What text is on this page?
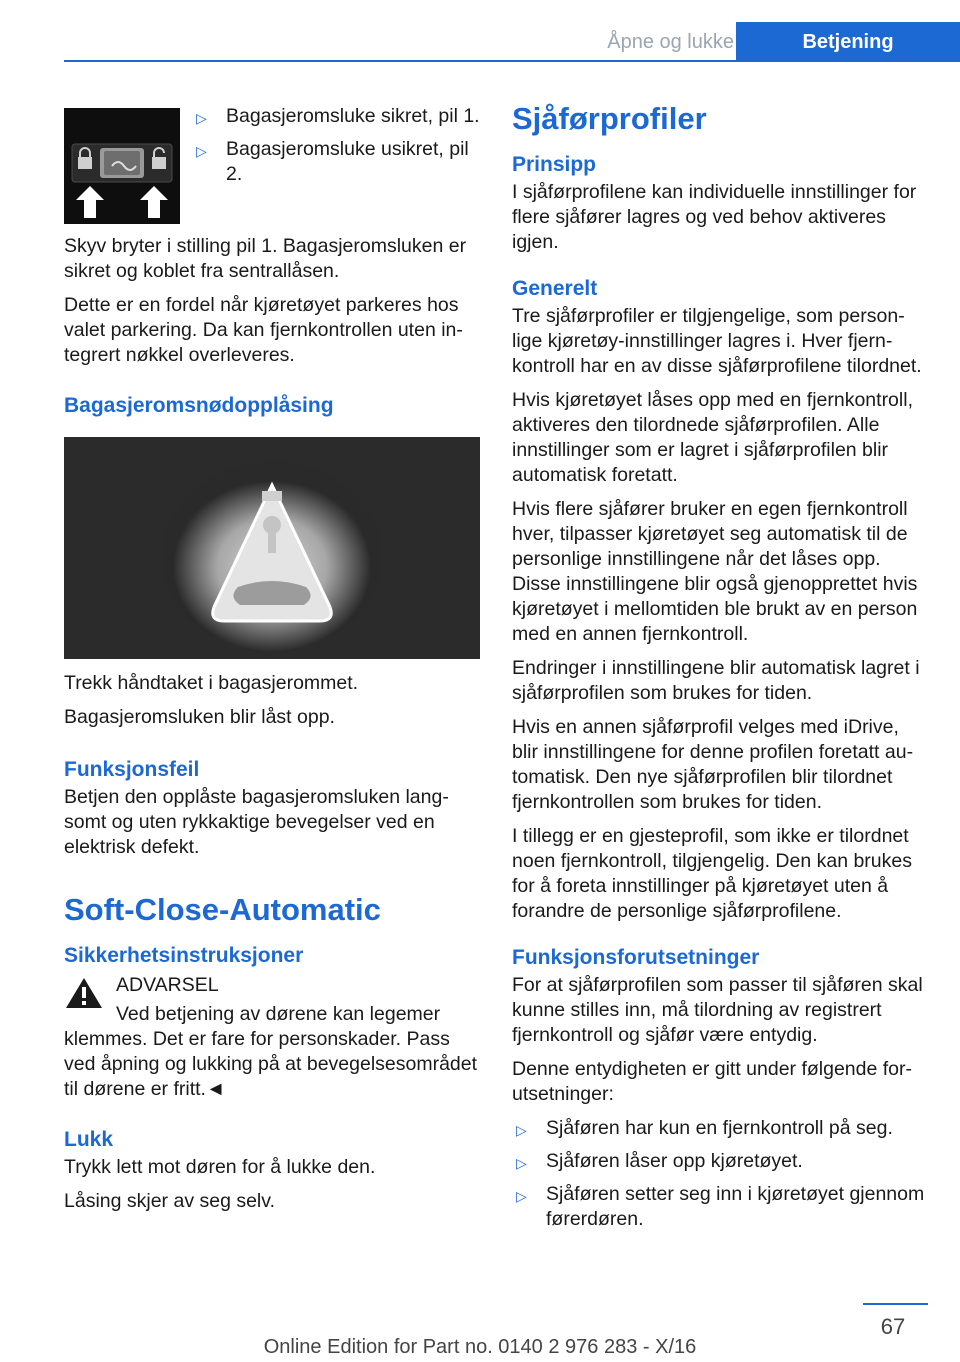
Åpne og lukke	Betjening
▷ Bagasjeromsluke sikret, pil 1.
▷ Bagasjeromsluke usikret, pil 2.

Skyv bryter i stilling pil 1. Bagasjeromsluken er sikret og koblet fra sentrallåsen.

Dette er en fordel når kjøretøyet parkeres hos valet parkering. Da kan fjernkontrollen uten integrert nøkkel overleveres.

Bagasjeromsnødopplåsing

Trekk håndtaket i bagasjerommet.

Bagasjeromsluken blir låst opp.

Funksjonsfeil

Betjen den opplåste bagasjeromsluken langsomt og uten rykkaktige bevegelser ved en elektrisk defekt.

Soft-Close-Automatic
Sikkerhetsinstruksjoner

ADVARSEL

Ved betjening av dørene kan legemer klemmes. Det er fare for personskader. Pass ved åpning og lukking på at bevegelsesområdet til dørene er fritt.◄

Lukk

Trykk lett mot døren for å lukke den.

Låsing skjer av seg selv.

Sjåførprofiler
Prinsipp

I sjåførprofilene kan individuelle innstillinger for flere sjåfører lagres og ved behov aktiveres igjen.

Generelt

Tre sjåførprofiler er tilgjengelige, som personlige kjøretøy-innstillinger lagres i. Hver fjernkontroll har en av disse sjåførprofilene tilordnet.

Hvis kjøretøyet låses opp med en fjernkontroll, aktiveres den tilordnede sjåførprofilen. Alle innstillinger som er lagret i sjåførprofilen blir automatisk foretatt.

Hvis flere sjåfører bruker en egen fjernkontroll hver, tilpasser kjøretøyet seg automatisk til de personlige innstillingene når det låses opp. Disse innstillingene blir også gjenopprettet hvis kjøretøyet i mellomtiden ble brukt av en person med en annen fjernkontroll.

Endringer i innstillingene blir automatisk lagret i sjåførprofilen som brukes for tiden.

Hvis en annen sjåførprofil velges med iDrive, blir innstillingene for denne profilen foretatt automatisk. Den nye sjåførprofilen blir tilordnet fjernkontrollen som brukes for tiden.

I tillegg er en gjesteprofil, som ikke er tilordnet noen fjernkontroll, tilgjengelig. Den kan brukes for å foreta innstillinger på kjøretøyet uten å forandre de personlige sjåførprofilene.

Funksjonsforutsetninger

For at sjåførprofilen som passer til sjåføren skal kunne stilles inn, må tilordning av registrert fjernkontroll og sjåfør være entydig.

Denne entydigheten er gitt under følgende forutsetninger:

▷ Sjåføren har kun en fjernkontroll på seg.
▷ Sjåføren låser opp kjøretøyet.
▷ Sjåføren setter seg inn i kjøretøyet gjennom førerdøren.
67
Online Edition for Part no. 0140 2 976 283 - X/16
